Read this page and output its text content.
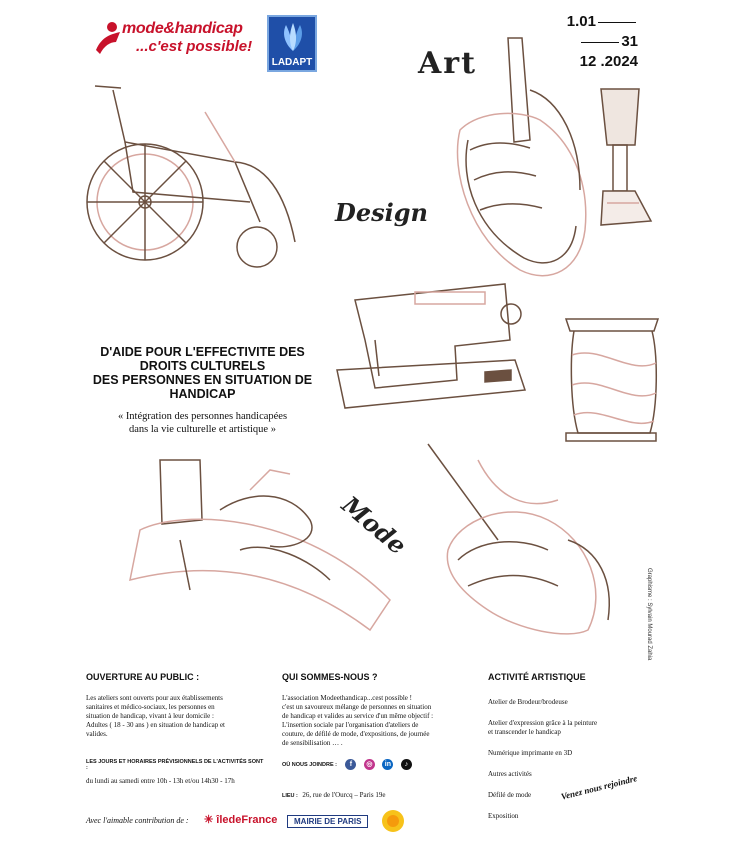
mode&handicap
...c'est possible!
LADAPT
1.01
31
12 .2024
Art
Design
Mode
D'AIDE POUR L'EFFECTIVITE DES
DROITS CULTURELS
DES PERSONNES EN SITUATION DE
HANDICAP
« Intégration des personnes handicapées
dans la vie culturelle et artistique »
Graphisme : Sylvain Mourad Zahia
OUVERTURE AU PUBLIC :
Les ateliers sont ouverts pour aux établissements
sanitaires et médico-sociaux, les personnes en
situation de handicap, vivant à leur domicile :
Adultes ( 18 - 30 ans ) en situation de handicap et
valides.
LES JOURS ET HORAIRES PRÉVISIONNELS DE L'ACTIVITÉS SONT :
du lundi au samedi entre 10h - 13h et/ou 14h30 - 17h
QUI SOMMES-NOUS ?
L'association Modeethandicap...cest possible !
c'est un savoureux mélange de personnes en situation
de handicap et valides au service d'un même objectif :
L'insertion sociale par l'organisation d'ateliers de
couture, de défilé de mode, d'expositions, de journée
de sensibilisation … .
OÙ NOUS JOINDRE : f ◎ in ♪
LIEU : 26, rue de l'Ourcq – Paris 19e
ACTIVITÉ ARTISTIQUE
Atelier de Brodeur/brodeuse
Atelier d'expression grâce à la peinture
et transcender le handicap
Numérique imprimante en 3D
Autres activités
Défilé de mode
Exposition
Venez nous rejoindre
Avec l'aimable contribution de : ✳ îledeFrance	MAIRIE DE PARIS
